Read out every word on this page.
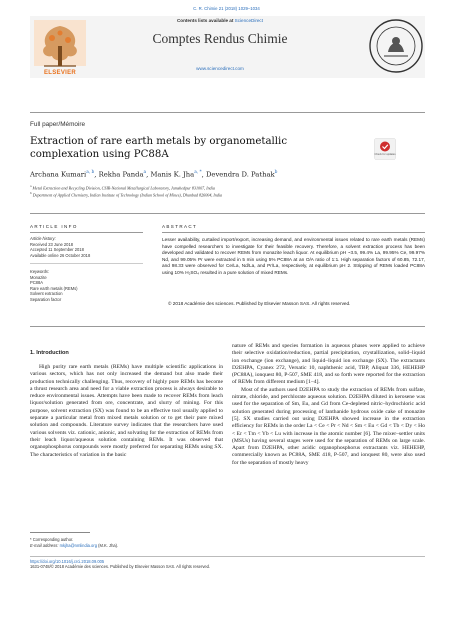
C. R. Chimie 21 (2018) 1029–1034
ELSEVIER
Contents lists available at ScienceDirect
Comptes Rendus Chimie
www.sciencedirect.com
Full paper/Mémoire
Extraction of rare earth metals by organometallic complexation using PC88A	Check for updates
Archana Kumari$^{a, b}$, Rekha Panda$^a$, Manis K. Jha$^{a, *}$, Devendra D. Pathak$^b$
$^a$ Metal Extraction and Recycling Division, CSIR-National Metallurgical Laboratory, Jamshedpur 831007, India
$^b$ Department of Applied Chemistry, Indian Institute of Technology (Indian School of Mines), Dhanbad 826004, India
ARTICLE INFO	ABSTRACT
Article history:
Received 23 June 2018
Accepted 11 September 2018
Available online 26 October 2018
Keywords:
Monazite
PC88A
Rare earth metals (REMs)
Solvent extraction
Separation factor
Lesser availability, curtailed import/export, increasing demand, and environmental issues related to rare earth metals (REMs) have compelled researchers to investigate for their feasible recovery. Therefore, a solvent extraction process has been developed and validated to recover REMs from monazite leach liquor. At equilibrium pH ~3.5, 99.4% La, 99.95% Ce, 99.97% Nd, and 99.05% Pr were extracted in 5 min using 5% PC88A at an O/A ratio of 1:1. High separation factors of 60.85, 72.17, and 98.33 were observed for Ce/La, Nd/La, and Pr/La, respectively, at equilibrium pH 2. Stripping of REMs loaded PC88A using 10% H₂SO₄ resulted in a pure solution of mixed REMs.
© 2018 Académie des sciences. Published by Elsevier Masson SAS. All rights reserved.
1. Introduction

High purity rare earth metals (REMs) have multiple scientific applications in various sectors, which has not only increased the demand but also made their production technically challenging. Thus, recovery of highly pure REMs has become a thrust research area and need for a viable extraction process is always desirable to reduce environmental issues. Attempts have been made to recover REMs from leach liquor/solution generated from ore, concentrate, and slurry of mining. For this purpose, solvent extraction (SX) was found to be an effective tool usually applied to separate a particular metal from mixed metals solution or to get their pure mixed solution and compounds. Literature survey indicates that the researchers have used various solvents viz. cationic, anionic, and solvating for the extraction of REMs from their leach liquor/aqueous solution containing REMs. It was observed that organophosphorus compounds were mostly preferred for separating REMs using SX. The characteristics of variation in the basic

nature of REMs and species formation in aqueous phases were applied to achieve their selective oxidation/reduction, partial precipitation, crystallization, solid–liquid ion exchange (ion exchange), and liquid–liquid ion exchange (SX). The extractants D2EHPA, Cyanex 272, Versatic 10, naphthenic acid, TBP, Aliquat 336, HEHEHP (PC88A), ionquest 80, P-507, SME 418, and so forth were reported for the extraction of REMs from different medium [1–4].

Most of the authors used D2EHPA to study the extraction of REMs from sulfate, nitrate, chloride, and perchlorate aqueous solution. D2EHPA diluted in kerosene was used for the separation of Sm, Eu, and Gd from Ce-depleted nitric–hydrochloric acid solution generated during processing of lanthanide hydrous oxide cake of monazite [5]. SX studies carried out using D2EHPA showed increase in the extraction efficiency for REMs in the order La < Ce < Pr < Nd < Sm < Eu < Gd < Tb < Dy < Ho < Er < Tm < Yb < Lu with increase in the atomic number [6]. The mixer–settler units (MSUs) having several stages were used for the separation of REMs on large scale. Apart from D2EHPA, other acidic organophosphorus extractants viz. HEHEHP, commercially known as PC88A, SME 418, P-507, and ionquest 80, were also used for the separation of mostly heavy

* Corresponding author.
E-mail address: mkjha@nmlindia.org (M.K. Jha).
https://doi.org/10.1016/j.crci.2018.09.005
1631-0748/© 2018 Académie des sciences. Published by Elsevier Masson SAS. All rights reserved.
